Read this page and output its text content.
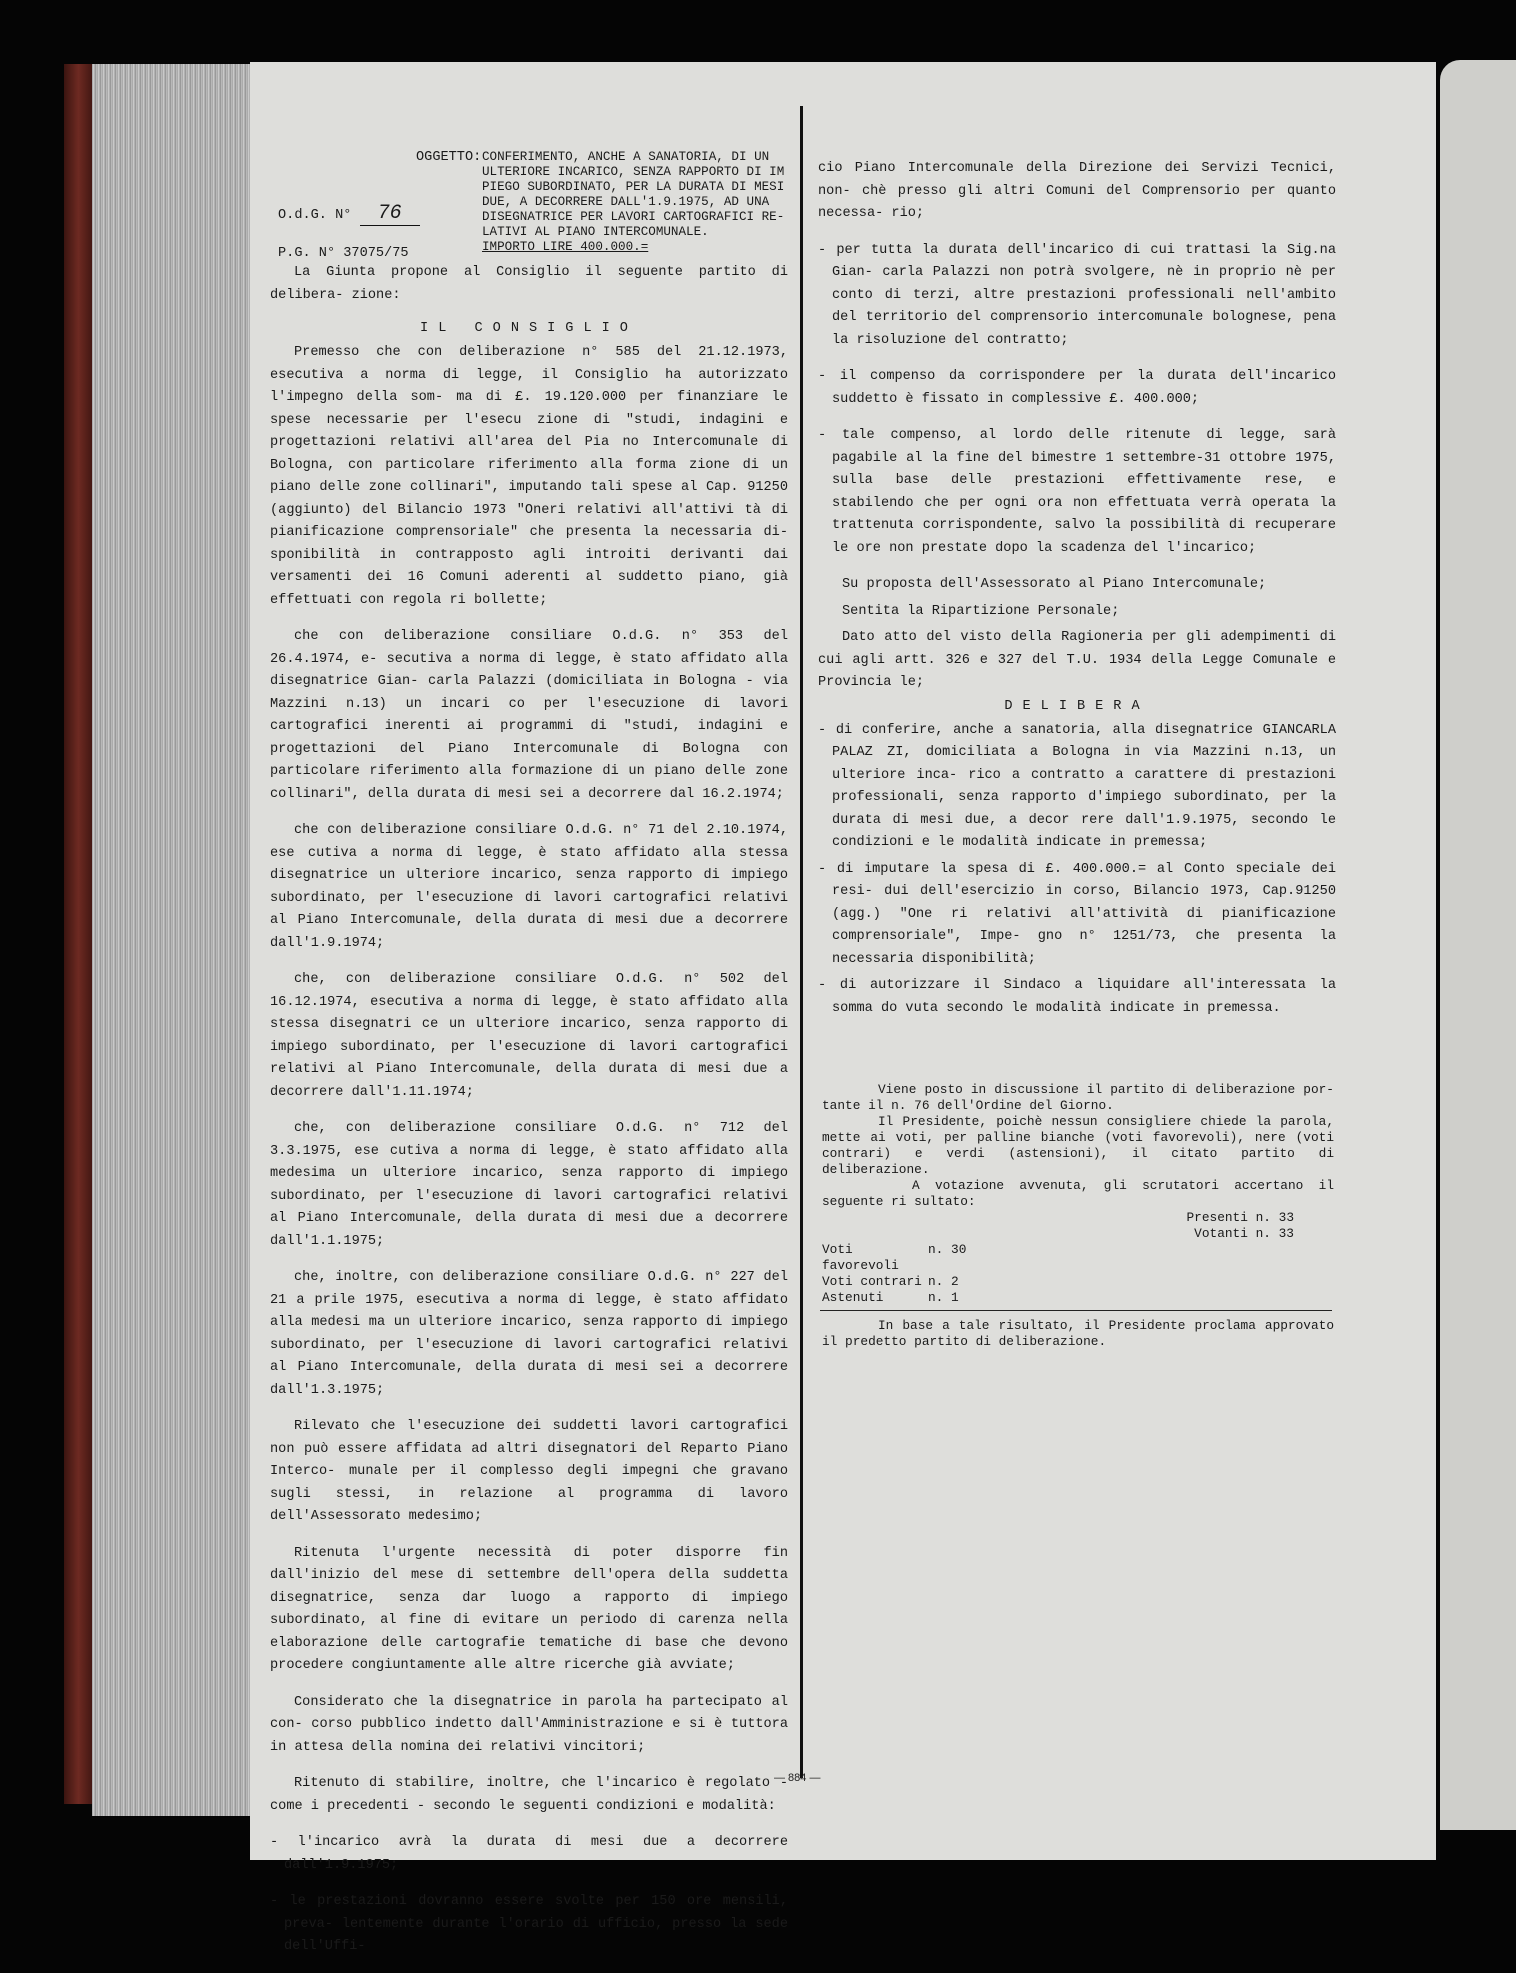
OGGETTO: CONFERIMENTO, ANCHE A SANATORIA, DI UN
ULTERIORE INCARICO, SENZA RAPPORTO DI IM
PIEGO SUBORDINATO, PER LA DURATA DI MESI
DUE, A DECORRERE DALL'1.9.1975, AD UNA
DISEGNATRICE PER LAVORI CARTOGRAFICI RE-
LATIVI AL PIANO INTERCOMUNALE.
IMPORTO LIRE 400.000.=
O.d.G. N° 76
P.G. N° 37075/75

La Giunta propone al Consiglio il seguente partito di delibera- zione:

IL CONSIGLIO

Premesso che con deliberazione n° 585 del 21.12.1973, esecutiva a norma di legge, il Consiglio ha autorizzato l'impegno della som- ma di £. 19.120.000 per finanziare le spese necessarie per l'esecu zione di "studi, indagini e progettazioni relativi all'area del Pia no Intercomunale di Bologna, con particolare riferimento alla forma zione di un piano delle zone collinari", imputando tali spese al Cap. 91250 (aggiunto) del Bilancio 1973 "Oneri relativi all'attivi tà di pianificazione comprensoriale" che presenta la necessaria di- sponibilità in contrapposto agli introiti derivanti dai versamenti dei 16 Comuni aderenti al suddetto piano, già effettuati con regola ri bollette;

che con deliberazione consiliare O.d.G. n° 353 del 26.4.1974, e- secutiva a norma di legge, è stato affidato alla disegnatrice Gian- carla Palazzi (domiciliata in Bologna - via Mazzini n.13) un incari co per l'esecuzione di lavori cartografici inerenti ai programmi di "studi, indagini e progettazioni del Piano Intercomunale di Bologna con particolare riferimento alla formazione di un piano delle zone collinari", della durata di mesi sei a decorrere dal 16.2.1974;

che con deliberazione consiliare O.d.G. n° 71 del 2.10.1974, ese cutiva a norma di legge, è stato affidato alla stessa disegnatrice un ulteriore incarico, senza rapporto di impiego subordinato, per l'esecuzione di lavori cartografici relativi al Piano Intercomunale, della durata di mesi due a decorrere dall'1.9.1974;

che, con deliberazione consiliare O.d.G. n° 502 del 16.12.1974, esecutiva a norma di legge, è stato affidato alla stessa disegnatri ce un ulteriore incarico, senza rapporto di impiego subordinato, per l'esecuzione di lavori cartografici relativi al Piano Intercomunale, della durata di mesi due a decorrere dall'1.11.1974;

che, con deliberazione consiliare O.d.G. n° 712 del 3.3.1975, ese cutiva a norma di legge, è stato affidato alla medesima un ulteriore incarico, senza rapporto di impiego subordinato, per l'esecuzione di lavori cartografici relativi al Piano Intercomunale, della durata di mesi due a decorrere dall'1.1.1975;

che, inoltre, con deliberazione consiliare O.d.G. n° 227 del 21 a prile 1975, esecutiva a norma di legge, è stato affidato alla medesi ma un ulteriore incarico, senza rapporto di impiego subordinato, per l'esecuzione di lavori cartografici relativi al Piano Intercomunale, della durata di mesi sei a decorrere dall'1.3.1975;

Rilevato che l'esecuzione dei suddetti lavori cartografici non può essere affidata ad altri disegnatori del Reparto Piano Interco- munale per il complesso degli impegni che gravano sugli stessi, in relazione al programma di lavoro dell'Assessorato medesimo;

Ritenuta l'urgente necessità di poter disporre fin dall'inizio del mese di settembre dell'opera della suddetta disegnatrice, senza dar luogo a rapporto di impiego subordinato, al fine di evitare un periodo di carenza nella elaborazione delle cartografie tematiche di base che devono procedere congiuntamente alle altre ricerche già avviate;

Considerato che la disegnatrice in parola ha partecipato al con- corso pubblico indetto dall'Amministrazione e si è tuttora in attesa della nomina dei relativi vincitori;

Ritenuto di stabilire, inoltre, che l'incarico è regolato - come i precedenti - secondo le seguenti condizioni e modalità:

- l'incarico avrà la durata di mesi due a decorrere dall'1.9.1975;

- le prestazioni dovranno essere svolte per 150 ore mensili, preva- lentemente durante l'orario di ufficio, presso la sede dell'Uffi-

cio Piano Intercomunale della Direzione dei Servizi Tecnici, non- chè presso gli altri Comuni del Comprensorio per quanto necessa- rio;

- per tutta la durata dell'incarico di cui trattasi la Sig.na Gian- carla Palazzi non potrà svolgere, nè in proprio nè per conto di terzi, altre prestazioni professionali nell'ambito del territorio del comprensorio intercomunale bolognese, pena la risoluzione del contratto;

- il compenso da corrispondere per la durata dell'incarico suddetto è fissato in complessive £. 400.000;

- tale compenso, al lordo delle ritenute di legge, sarà pagabile al la fine del bimestre 1 settembre-31 ottobre 1975, sulla base delle prestazioni effettivamente rese, e stabilendo che per ogni ora non effettuata verrà operata la trattenuta corrispondente, salvo la possibilità di recuperare le ore non prestate dopo la scadenza del l'incarico;

Su proposta dell'Assessorato al Piano Intercomunale;

Sentita la Ripartizione Personale;

Dato atto del visto della Ragioneria per gli adempimenti di cui agli artt. 326 e 327 del T.U. 1934 della Legge Comunale e Provincia le;

DELIBERA

- di conferire, anche a sanatoria, alla disegnatrice GIANCARLA PALAZ ZI, domiciliata a Bologna in via Mazzini n.13, un ulteriore inca- rico a contratto a carattere di prestazioni professionali, senza rapporto d'impiego subordinato, per la durata di mesi due, a decor rere dall'1.9.1975, secondo le condizioni e le modalità indicate in premessa;

- di imputare la spesa di £. 400.000.= al Conto speciale dei resi- dui dell'esercizio in corso, Bilancio 1973, Cap.91250 (agg.) "One ri relativi all'attività di pianificazione comprensoriale", Impe- gno n° 1251/73, che presenta la necessaria disponibilità;

- di autorizzare il Sindaco a liquidare all'interessata la somma do vuta secondo le modalità indicate in premessa.

Viene posto in discussione il partito di deliberazione por- tante il n. 76 dell'Ordine del Giorno.

Il Presidente, poichè nessun consigliere chiede la parola, mette ai voti, per palline bianche (voti favorevoli), nere (voti contrari) e verdi (astensioni), il citato partito di deliberazione.

A votazione avvenuta, gli scrutatori accertano il seguente ri sultato:

Presenti n. 33
Votanti n. 33
Voti favorevoli
n. 30
Voti contrari n. 2
Astenuti	n. 1

In base a tale risultato, il Presidente proclama approvato il predetto partito di deliberazione.

— 884 —
